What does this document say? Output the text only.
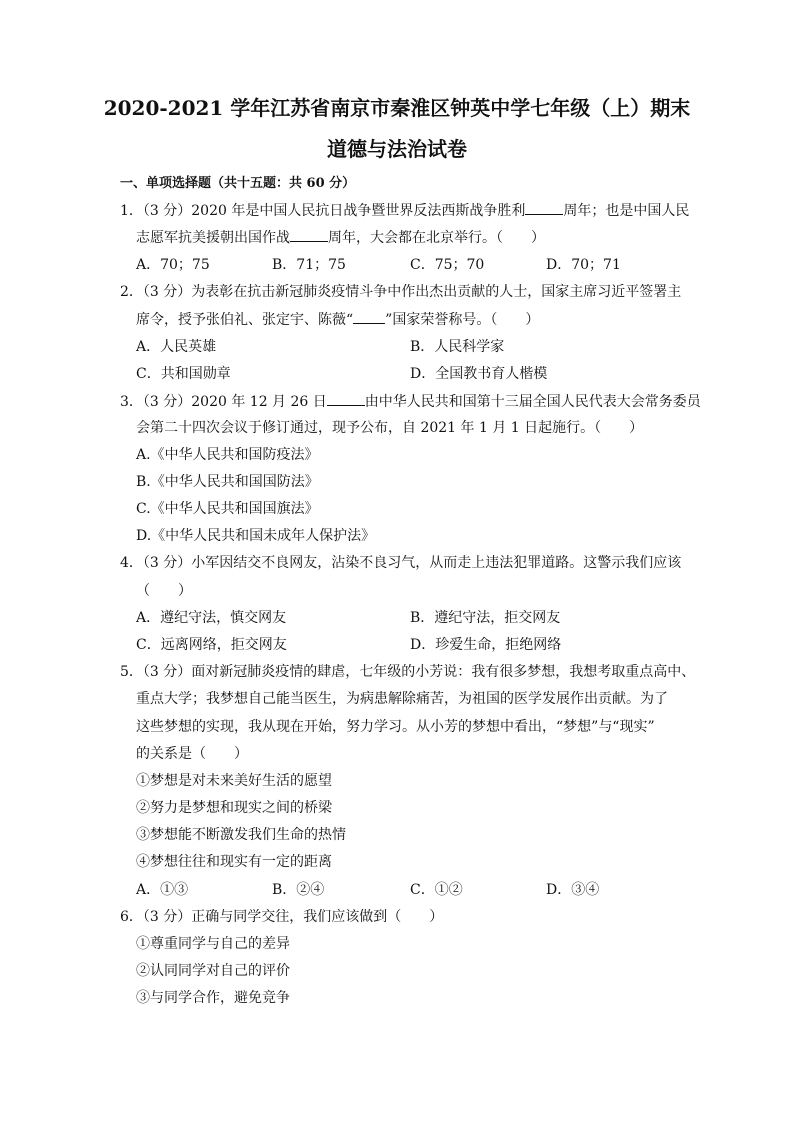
2020-2021 学年江苏省南京市秦淮区钟英中学七年级（上）期末
道德与法治试卷
一、单项选择题（共十五题：共 60 分）
1．（3 分）2020 年是中国人民抗日战争暨世界反法西斯战争胜利	周年；也是中国人民
志愿军抗美援朝出国作战	周年，大会都在北京举行。（　　）
A．70；75	B．71；75	C．75；70	D．70；71
2．（3 分）为表彰在抗击新冠肺炎疫情斗争中作出杰出贡献的人士，国家主席习近平签署主
席令，授予张伯礼、张定宇、陈薇“ ”国家荣誉称号。（　　）
A．人民英雄	B．人民科学家
C．共和国勋章	D．全国教书育人楷模
3．（3 分）2020 年 12 月 26 日	由中华人民共和国第十三届全国人民代表大会常务委员
会第二十四次会议于修订通过，现予公布，自 2021 年 1 月 1 日起施行。（　　）
A.《中华人民共和国防疫法》
B.《中华人民共和国国防法》
C.《中华人民共和国国旗法》
D.《中华人民共和国未成年人保护法》
4．（3 分）小军因结交不良网友，沾染不良习气，从而走上违法犯罪道路。这警示我们应该
（　　）
A．遵纪守法，慎交网友	B．遵纪守法，拒交网友
C．远离网络，拒交网友	D．珍爱生命，拒绝网络
5．（3 分）面对新冠肺炎疫情的肆虐，七年级的小芳说：我有很多梦想，我想考取重点高中、
重点大学；我梦想自己能当医生，为病患解除痛苦，为祖国的医学发展作出贡献。为了
这些梦想的实现，我从现在开始，努力学习。从小芳的梦想中看出，“梦想”与“现实”
的关系是（　　）
①梦想是对未来美好生活的愿望
②努力是梦想和现实之间的桥梁
③梦想能不断激发我们生命的热情
④梦想往往和现实有一定的距离
A．①③	B．②④	C．①②	D．③④
6．（3 分）正确与同学交往，我们应该做到（　　）
①尊重同学与自己的差异
②认同同学对自己的评价
③与同学合作，避免竞争
